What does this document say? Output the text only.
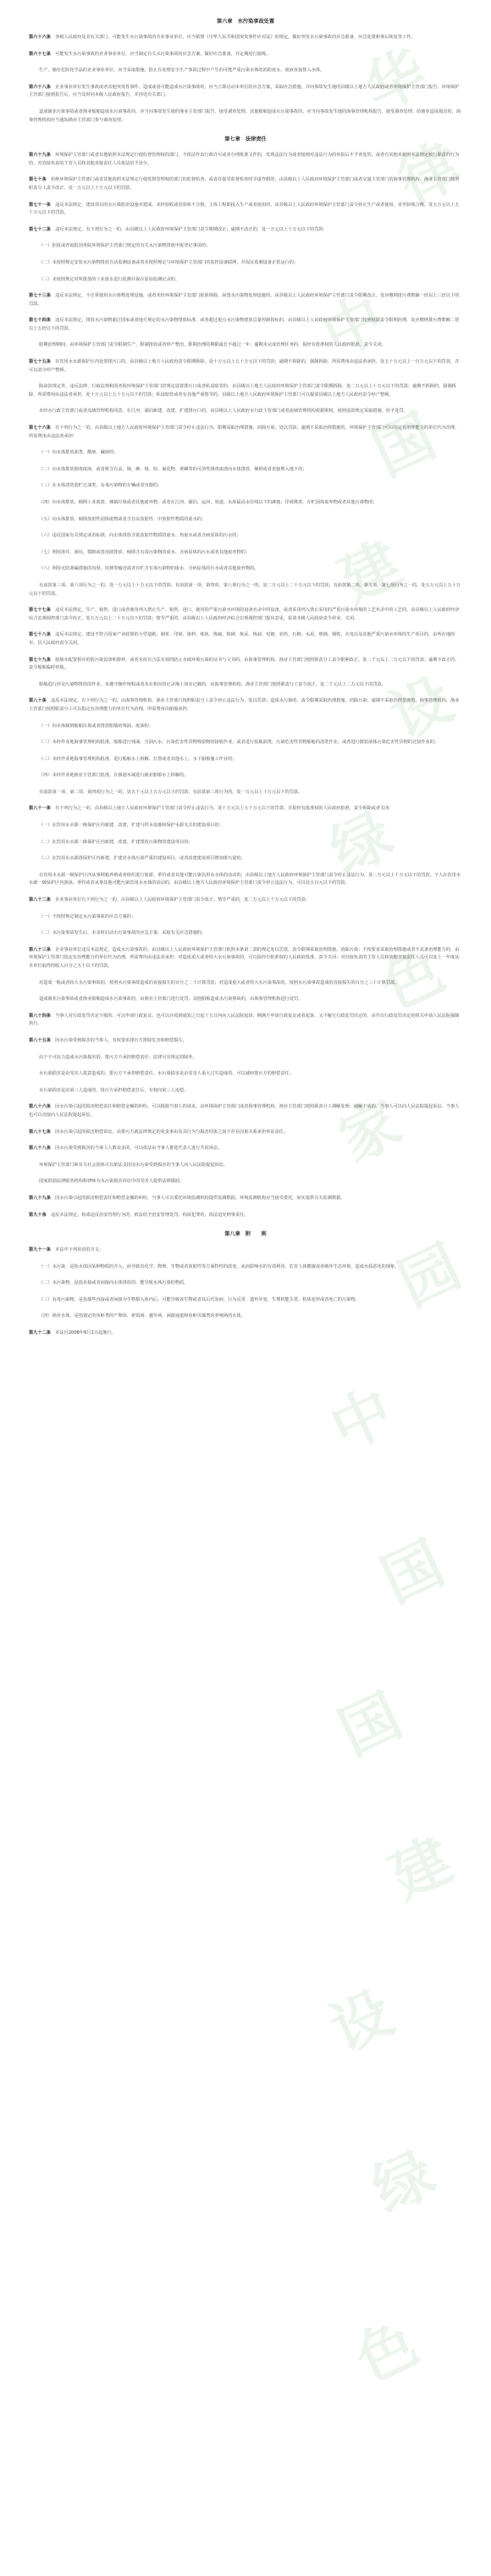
华
律
中
国
建
设
绿
色
家
园
中
国
国
建
设
绿
色
第六章　水污染事故处置

第六十六条　 各级人民政府及其有关部门，可能发生水污染事故的企业事业单位，应当依照《中华人民共和国突发事件应对法》的规定，做好突发水污染事故的应急准备、应急处置和事后恢复等工作。

第六十七条　 可能发生水污染事故的企业事业单位，应当制定有关水污染事故的应急方案，做好应急准备，并定期进行演练。

生产、储存危险化学品的企业事业单位，应当采取措施，防止在处理安全生产事故过程中产生的可能严重污染水体的消防废水、废液直接排入水体。

第六十八条　 企业事业单位发生事故或者其他突发性事件，造成或者可能造成水污染事故的，应当立即启动本单位的应急方案，采取应急措施，并向事故发生地的县级以上地方人民政府或者环境保护主管部门报告。环境保护主管部门接到报告后，应当及时向本级人民政府报告，并抄送有关部门。

造成渔业污染事故或者渔业船舶造成水污染事故的，应当向事故发生地的渔业主管部门报告，接受调查处理。其他船舶造成水污染事故的，应当向事故发生地的海事管理机构报告，接受调查处理；给渔业造成损害的，海事管理机构应当通知渔业主管部门参与调查处理。

第七章　法律责任

第六十九条　 环境保护主管部门或者其他依照本法规定行使监督管理权的部门，不依法作出行政许可或者办理批准文件的，发现违法行为或者接到对违法行为的举报后不予查处的，或者有其他未依照本法规定履行职责的行为的，对直接负责的主管人员和其他直接责任人员依法给予处分。

第七十条　 拒绝环境保护主管部门或者其他依照本法规定行使监督管理权的部门的监督检查，或者在接受监督检查时弄虚作假的，由县级以上人民政府环境保护主管部门或者交通主管部门的海事管理机构、渔业主管部门按照职责分工责令改正，处一万元以上十万元以下的罚款。

第七十一条　 违反本法规定，建设项目的水污染防治设施未建成、未经验收或者验收不合格，主体工程即投入生产或者使用的，由县级以上人民政府环境保护主管部门责令停止生产或者使用，直至验收合格，处五万元以上五十万元以下的罚款。

第七十二条　 违反本法规定，有下列行为之一的，由县级以上人民政府环境保护主管部门责令限期改正；逾期不改正的，处一万元以上十万元以下的罚款：

（一）拒报或者谎报国务院环境保护主管部门规定的有关水污染物排放申报登记事项的；

（二）未按照规定安装水污染物排放自动监测设备或者未按照规定与环境保护主管部门的监控设备联网，并保证监测设备正常运行的；

（三）未按照规定对所排放的工业废水进行监测并保存原始监测记录的。

第七十三条　 违反本法规定，不正常使用水污染物处理设施，或者未经环境保护主管部门批准拆除、闲置水污染物处理设施的，由县级以上人民政府环境保护主管部门责令限期改正，处应缴纳排污费数额一倍以上三倍以下的罚款。

第七十四条　 违反本法规定，排放水污染物超过国家或者地方规定的水污染物排放标准，或者超过重点水污染物排放总量控制指标的，由县级以上人民政府环境保护主管部门按照权限责令限期治理，处应缴纳排污费数额二倍以上五倍以下的罚款。

限期治理期间，由环境保护主管部门责令限制生产、限制排放或者停产整治。限期治理的期限最长不超过一年；逾期未完成治理任务的，报经有批准权的人民政府批准，责令关闭。

第七十五条　 在饮用水水源保护区内设置排污口的，由县级以上地方人民政府责令限期拆除，处十万元以上五十万元以下的罚款；逾期不拆除的，强制拆除，所需费用由违法者承担，处五十万元以上一百万元以下的罚款，并可以责令停产整顿。

除前款规定外，违反法律、行政法规和国务院环境保护主管部门的规定设置排污口或者私设暗管的，由县级以上地方人民政府环境保护主管部门责令限期拆除，处二万元以上十万元以下的罚款；逾期不拆除的，强制拆除，所需费用由违法者承担，处十万元以上五十万元以下的罚款；私设暗管或者有其他严重情节的，县级以上地方人民政府环境保护主管部门可以提请县级以上地方人民政府责令停产整顿。

未经水行政主管部门或者流域管理机构同意，在江河、湖泊新建、改建、扩建排污口的，由县级以上人民政府水行政主管部门或者流域管理机构依据职权，依照前款规定采取措施、给予处罚。

第七十六条　 有下列行为之一的，由县级以上地方人民政府环境保护主管部门责令停止违法行为，限期采取治理措施，消除污染，处以罚款；逾期不采取治理措施的，环境保护主管部门可以指定有治理能力的单位代为治理，所需费用由违法者承担：

（一）向水体排放油类、酸液、碱液的；

（二）向水体排放剧毒废液，或者将含有汞、镉、砷、铬、铅、氰化物、黄磷等的可溶性剧毒废渣向水体排放、倾倒或者直接埋入地下的；

（三）在水体清洗装贮过油类、有毒污染物的车辆或者容器的；

（四）向水体排放、倾倒工业废渣、城镇垃圾或者其他废弃物，或者在江河、湖泊、运河、渠道、水库最高水位线以下的滩地、岸坡堆放、存贮固体废弃物或者其他污染物的；

（五）向水体排放、倾倒放射性固体废物或者含有高放射性、中放射性物质的废水的；

（六）违反国家有关规定或者标准，向水体排放含低放射性物质的废水、热废水或者含病原体的污水的；

（七）利用渗井、渗坑、裂隙或者溶洞排放、倾倒含有毒污染物的废水、含病原体的污水或者其他废弃物的；

（八）利用无防渗漏措施的沟渠、坑塘等输送或者存贮含有毒污染物的废水、含病原体的污水或者其他废弃物的。

有前款第三项、第六项行为之一的，处一万元以上十万元以下的罚款；有前款第一项、第四项、第八项行为之一的，处二万元以上二十万元以下的罚款；有前款第二项、第五项、第七项行为之一的，处五万元以上五十万元以下的罚款。

第七十七条　 违反本法规定，生产、销售、进口或者使用列入禁止生产、销售、进口、使用的严重污染水环境的设备名录中的设备，或者采用列入禁止采用的严重污染水环境的工艺名录中的工艺的，由县级以上人民政府经济综合宏观调控部门责令改正，处五万元以上二十万元以下的罚款；情节严重的，由县级以上人民政府经济综合宏观调控部门提出意见，报请本级人民政府责令停业、关闭。

第七十八条　 违反本法规定，建设不符合国家产业政策的小型造纸、制革、印染、染料、炼焦、炼硫、炼砷、炼汞、炼油、电镀、农药、石棉、水泥、玻璃、钢铁、火电以及其他严重污染水环境的生产项目的，由所在地的市、县人民政府责令关闭。

第七十九条　 船舶未配置相应的防污染设备和器材，或者未持有合法有效的防止水域环境污染的证书与文书的，由海事管理机构、渔业主管部门按照职责分工责令限期改正，处二千元以上二万元以下的罚款；逾期不改正的，责令船舶临时停航。

船舶进行涉及污染物排放的作业，未遵守操作规程或者未在相应的记录簿上如实记载的，由海事管理机构、渔业主管部门按照职责分工责令改正，处二千元以上二万元以下的罚款。

第八十条　 违反本法规定，有下列行为之一的，由海事管理机构、渔业主管部门按照职责分工责令停止违法行为，处以罚款；造成水污染的，责令限期采取治理措施，消除污染；逾期不采取治理措施的，海事管理机构、渔业主管部门按照职责分工可以指定有治理能力的单位代为治理，所需费用由船舶承担：

（一）向水体倾倒船舶垃圾或者排放船舶的残油、废油的；

（二）未经作业地海事管理机构批准，船舶进行残油、含油污水、污染危害性货物残留物的接收作业，或者进行装载油类、污染危害性货物船舱的清洗作业，或者进行散装液体污染危害性货物的过驳作业的；

（三）未经作业地海事管理机构批准，进行船舶水上拆解、打捞或者其他水上、水下船舶施工作业的；

（四）未经作业地渔业主管部门批准，在渔港水域进行渔业船舶水上拆解的。

有前款第一项、第二项、第四项行为之一的，处五千元以上五万元以下的罚款；有前款第三项行为的，处一万元以上十万元以下的罚款。

第八十一条　 有下列行为之一的，由县级以上地方人民政府环境保护主管部门责令停止违法行为，处十万元以上五十万元以下的罚款；并报经有批准权的人民政府批准，责令拆除或者关闭：

（一）在饮用水水源一级保护区内新建、改建、扩建与供水设施和保护水源无关的建设项目的；

（二）在饮用水水源二级保护区内新建、改建、扩建排放污染物的建设项目的；

（三）在饮用水水源准保护区内新建、扩建对水体污染严重的建设项目，或者改建建设项目增加排污量的。

在饮用水水源一级保护区内从事网箱养殖或者组织进行旅游、垂钓或者其他可能污染饮用水水体的活动的，由县级以上地方人民政府环境保护主管部门责令停止违法行为，处二万元以上十万元以下的罚款。个人在饮用水水源一级保护区内游泳、垂钓或者从事其他可能污染饮用水水体的活动的，由县级以上地方人民政府环境保护主管部门责令停止违法行为，可以处五百元以下的罚款。

第八十二条　 企业事业单位有下列行为之一的，由县级以上人民政府环境保护主管部门责令改正；情节严重的，处二万元以上十万元以下的罚款：

（一）不按照规定制定水污染事故的应急方案的；

（二）水污染事故发生后，未及时启动水污染事故的应急方案，采取有关应急措施的。

第八十三条　 企业事业单位违反本法规定，造成水污染事故的，由县级以上人民政府环境保护主管部门依照本条第二款的规定处以罚款，责令限期采取治理措施，消除污染；不按要求采取治理措施或者不具备治理能力的，由环境保护主管部门指定有治理能力的单位代为治理，所需费用由违法者承担；对造成重大或者特大水污染事故的，可以报经有批准权的人民政府批准，责令关闭；对直接负责的主管人员和其他直接责任人员可以处上一年度从本单位取得的收入百分之五十以下的罚款。

对造成一般或者较大水污染事故的，按照水污染事故造成的直接损失的百分之二十计算罚款；对造成重大或者特大水污染事故的，按照水污染事故造成的直接损失的百分之三十计算罚款。

造成渔业污染事故或者渔业船舶造成水污染事故的，由渔业主管部门进行处罚；其他船舶造成水污染事故的，由海事管理机构进行处罚。

第八十四条　 当事人对行政处罚决定不服的，可以申请行政复议，也可以在收到通知之日起十五日内向人民法院起诉；期满不申请行政复议或者起诉，又不履行行政处罚决定的，由作出行政处罚决定的机关申请人民法院强制执行。

第八十五条　 因水污染受到损害的当事人，有权要求排污方排除危害和赔偿损失。

由于不可抗力造成水污染损害的，排污方不承担赔偿责任；法律另有规定的除外。

水污染损害是由受害人故意造成的，排污方不承担赔偿责任。水污染损害是由受害人重大过失造成的，可以减轻排污方的赔偿责任。

水污染损害是由第三人造成的，排污方承担赔偿责任后，有权向第三人追偿。

第八十六条　 因水污染引起的损害赔偿责任和赔偿金额的纠纷，可以根据当事人的请求，由环境保护主管部门或者海事管理机构、渔业主管部门按照职责分工调解处理；调解不成的，当事人可以向人民法院提起诉讼。当事人也可以直接向人民法院提起诉讼。

第八十七条　 因水污染引起的损害赔偿诉讼，由排污方就法律规定的免责事由及其行为与损害结果之间不存在因果关系承担举证责任。

第八十八条　 因水污染受到损害的当事人人数众多的，可以依法由当事人推选代表人进行共同诉讼。

环境保护主管部门和有关社会团体可以依法支持因水污染受到损害的当事人向人民法院提起诉讼。

国家鼓励法律服务机构和律师为水污染损害诉讼中的受害人提供法律援助。

第八十九条　 因水污染引起的损害赔偿责任和赔偿金额的纠纷，当事人可以委托环境监测机构提供监测数据。环境监测机构应当接受委托，如实提供有关监测数据。

第九十条　 违反本法规定，构成违反治安管理行为的，依法给予治安管理处罚；构成犯罪的，依法追究刑事责任。

第八章　附　　则

第九十一条　 本法中下列用语的含义：

（一）水污染，是指水体因某种物质的介入，而导致其化学、物理、生物或者放射性等方面特性的改变，从而影响水的有效利用，危害人体健康或者破坏生态环境，造成水质恶化的现象。

（二）水污染物，是指直接或者间接向水体排放的，能导致水体污染的物质。

（三）有毒污染物，是指那些直接或者间接为生物摄入体内后，可能导致该生物或者其后代发病、行为反常、遗传异变、生理机能失常、机体变形或者死亡的污染物。

（四）渔业水体，是指划定的鱼虾类的产卵场、索饵场、越冬场、洄游通道和鱼虾贝藻类的养殖场的水体。

第九十二条　 本法自2008年6月1日起施行。
